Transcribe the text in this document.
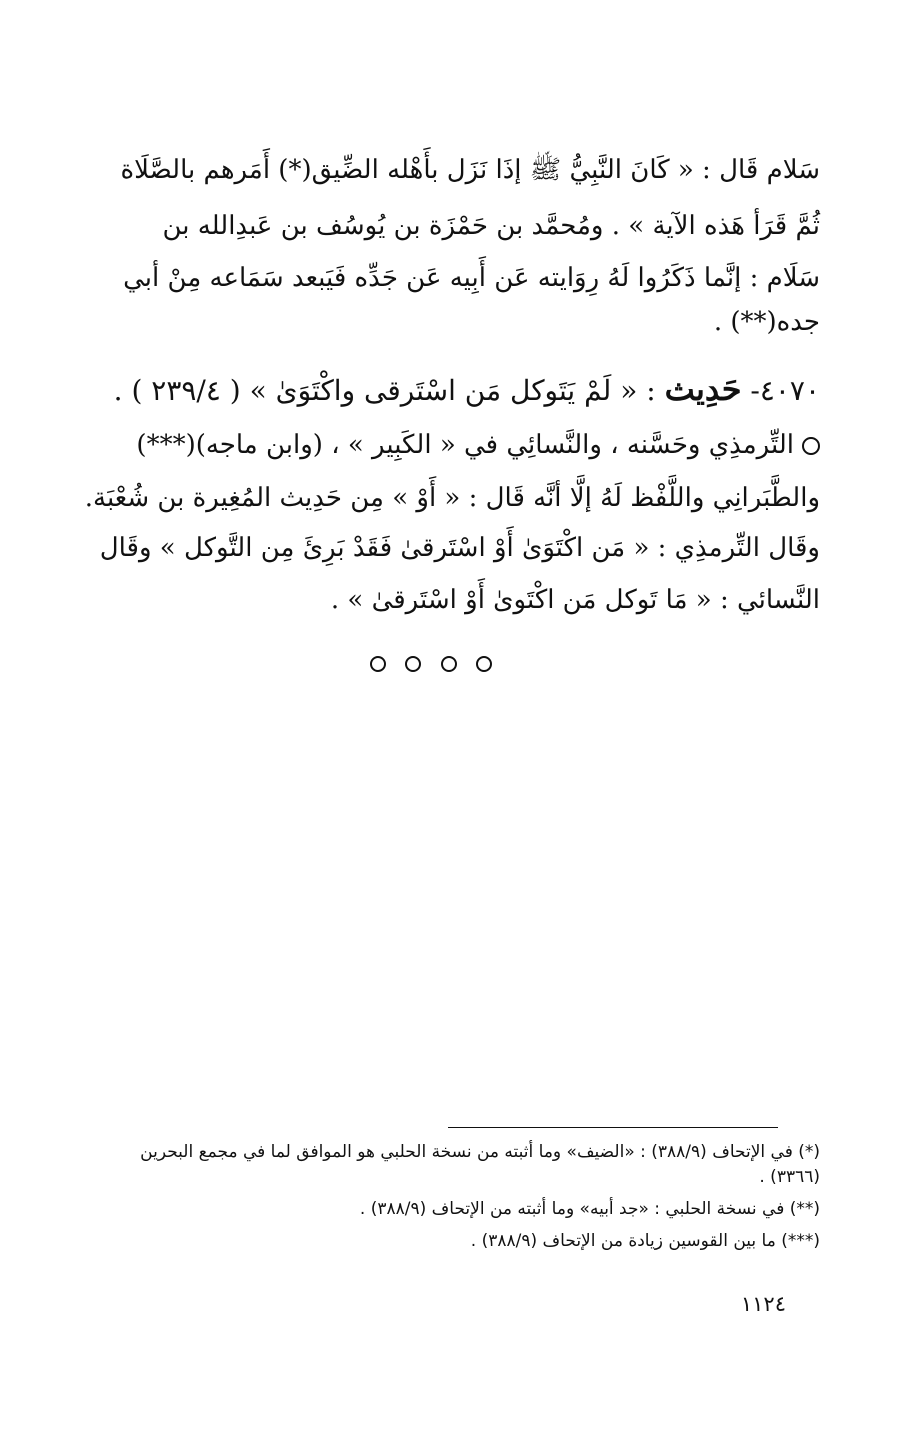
سَلام قَال : « كَانَ النَّبِيُّ ﷺ إذَا نَزَل بأَهْله الضِّيق(*) أَمَرهم بالصَّلَاة
ثُمَّ قَرَأ هَذه الآية » . ومُحمَّد بن حَمْزَة بن يُوسُف بن عَبدِالله بن
سَلَام : إنَّما ذَكَرُوا لَهُ رِوَايته عَن أَبِيه عَن جَدِّه فَيَبعد سَمَاعه مِنْ أبي
جده(**) .
٤٠٧٠- حَدِيث : « لَمْ يَتَوكل مَن اسْتَرقى واكْتَوَىٰ » ( ٢٣٩/٤ ) .
التِّرمذِي وحَسَّنه ، والنَّسائِي في « الكَبِير » ، (وابن ماجه)(***)
والطَّبَرانِي واللَّفْظ لَهُ إلَّا أنَّه قَال : « أَوْ » مِن حَدِيث المُغِيرة بن شُعْبَة.
وقَال التِّرمذِي : « مَن اكْتَوَىٰ أَوْ اسْتَرقىٰ فَقَدْ بَرِئَ مِن التَّوكل » وقَال
النَّسائي : « مَا تَوكل مَن اكْتَوىٰ أَوْ اسْتَرقىٰ » .
(*) في الإتحاف (٣٨٨/٩) : «الضيف» وما أثبته من نسخة الحلبي هو الموافق لما في مجمع البحرين
(٣٣٦٦) .
(**) في نسخة الحلبي : «جد أبيه» وما أثبته من الإتحاف (٣٨٨/٩) .
(***) ما بين القوسين زيادة من الإتحاف (٣٨٨/٩) .
١١٢٤
